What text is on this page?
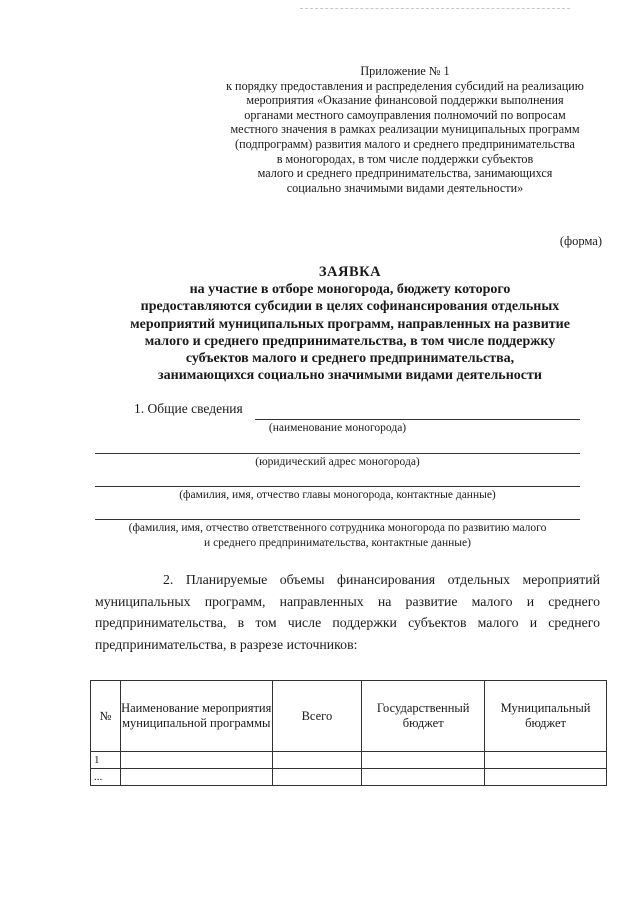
Приложение № 1
к порядку предоставления и распределения субсидий на реализацию
мероприятия «Оказание финансовой поддержки выполнения
органами местного самоуправления полномочий по вопросам
местного значения в рамках реализации муниципальных программ
(подпрограмм) развития малого и среднего предпринимательства
в моногородах, в том числе поддержки субъектов
малого и среднего предпринимательства, занимающихся
социально значимыми видами деятельности»
(форма)
ЗАЯВКА
на участие в отборе моногорода, бюджету которого
предоставляются субсидии в целях софинансирования отдельных
мероприятий муниципальных программ, направленных на развитие
малого и среднего предпринимательства, в том числе поддержку
субъектов малого и среднего предпринимательства,
занимающихся социально значимыми видами деятельности
1. Общие сведения
(наименование моногорода)
(юридический адрес моногорода)
(фамилия, имя, отчество главы моногорода, контактные данные)
(фамилия, имя, отчество ответственного сотрудника моногорода по развитию малого
и среднего предпринимательства, контактные данные)
2. Планируемые объемы финансирования отдельных мероприятий
муниципальных программ, направленных на развитие малого и среднего
предпринимательства, в том числе поддержки субъектов малого и среднего
предпринимательства, в разрезе источников:
№	Наименование мероприятия муниципальной программы	Всего	Государственный бюджет	Муниципальный бюджет
1				
...				
